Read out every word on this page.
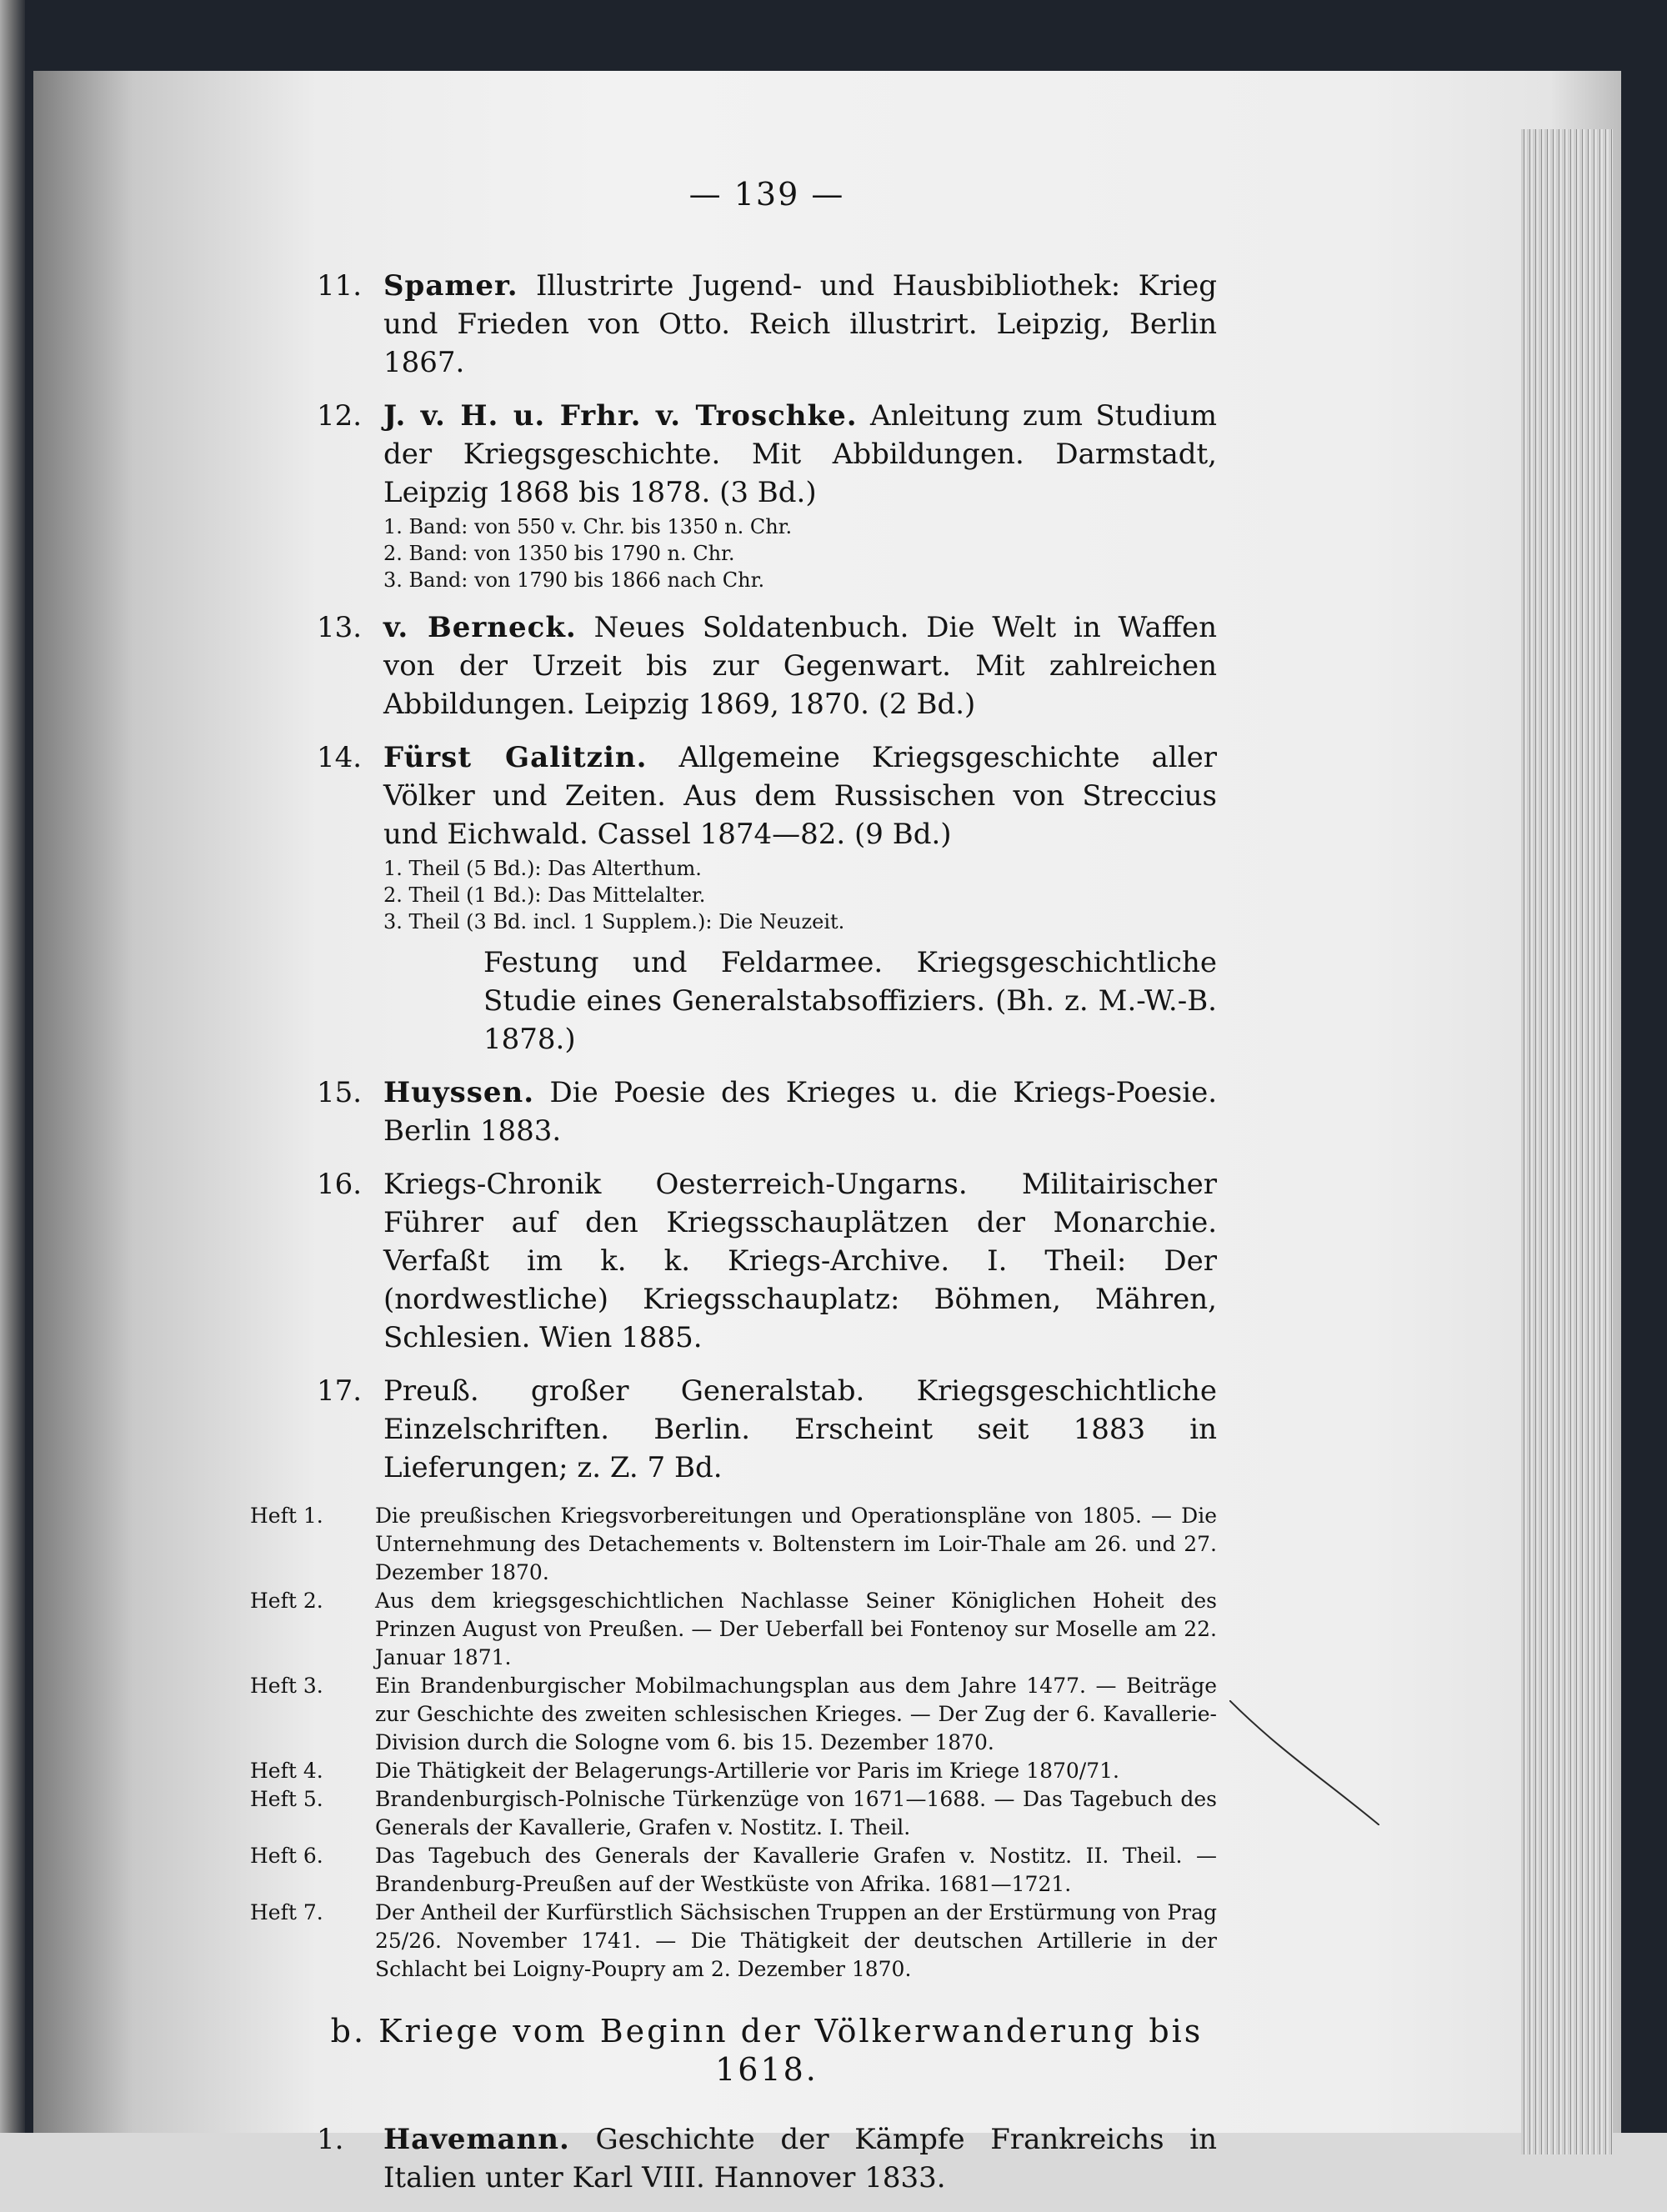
— 139 —
11. Spamer. Illustrirte Jugend- und Hausbibliothek: Krieg und Frieden von Otto. Reich illustrirt. Leipzig, Berlin 1867.
12. J. v. H. u. Frhr. v. Troschke. Anleitung zum Studium der Kriegsgeschichte. Mit Abbildungen. Darmstadt, Leipzig 1868 bis 1878. (3 Bd.)
1. Band: von 550 v. Chr. bis 1350 n. Chr.
2. Band: von 1350 bis 1790 n. Chr.
3. Band: von 1790 bis 1866 nach Chr.
13. v. Berneck. Neues Soldatenbuch. Die Welt in Waffen von der Urzeit bis zur Gegenwart. Mit zahlreichen Abbildungen. Leipzig 1869, 1870. (2 Bd.)
14. Fürst Galitzin. Allgemeine Kriegsgeschichte aller Völker und Zeiten. Aus dem Russischen von Streccius und Eichwald. Cassel 1874—82. (9 Bd.)
1. Theil (5 Bd.): Das Alterthum.
2. Theil (1 Bd.): Das Mittelalter.
3. Theil (3 Bd. incl. 1 Supplem.): Die Neuzeit.
Festung und Feldarmee. Kriegsgeschichtliche Studie eines Generalstabsoffiziers. (Bh. z. M.-W.-B. 1878.)
15. Huyssen. Die Poesie des Krieges u. die Kriegs-Poesie. Berlin 1883.
16. Kriegs-Chronik Oesterreich-Ungarns. Militairischer Führer auf den Kriegsschauplätzen der Monarchie. Verfaßt im k. k. Kriegs-Archive. I. Theil: Der (nordwestliche) Kriegsschauplatz: Böhmen, Mähren, Schlesien. Wien 1885.
17. Preuß. großer Generalstab. Kriegsgeschichtliche Einzelschriften. Berlin. Erscheint seit 1883 in Lieferungen; z. Z. 7 Bd.
Heft 1.	Die preußischen Kriegsvorbereitungen und Operationspläne von 1805. — Die Unternehmung des Detachements v. Boltenstern im Loir-Thale am 26. und 27. Dezember 1870.
Heft 2.	Aus dem kriegsgeschichtlichen Nachlasse Seiner Königlichen Hoheit des Prinzen August von Preußen. — Der Ueberfall bei Fontenoy sur Moselle am 22. Januar 1871.
Heft 3.	Ein Brandenburgischer Mobilmachungsplan aus dem Jahre 1477. — Beiträge zur Geschichte des zweiten schlesischen Krieges. — Der Zug der 6. Kavallerie-Division durch die Sologne vom 6. bis 15. Dezember 1870.
Heft 4.	Die Thätigkeit der Belagerungs-Artillerie vor Paris im Kriege 1870/71.
Heft 5.	Brandenburgisch-Polnische Türkenzüge von 1671—1688. — Das Tagebuch des Generals der Kavallerie, Grafen v. Nostitz. I. Theil.
Heft 6.	Das Tagebuch des Generals der Kavallerie Grafen v. Nostitz. II. Theil. — Brandenburg-Preußen auf der Westküste von Afrika. 1681—1721.
Heft 7.	Der Antheil der Kurfürstlich Sächsischen Truppen an der Erstürmung von Prag 25/26. November 1741. — Die Thätigkeit der deutschen Artillerie in der Schlacht bei Loigny-Poupry am 2. Dezember 1870.
b. Kriege vom Beginn der Völkerwanderung bis 1618.
1.	Havemann. Geschichte der Kämpfe Frankreichs in Italien unter Karl VIII. Hannover 1833.
